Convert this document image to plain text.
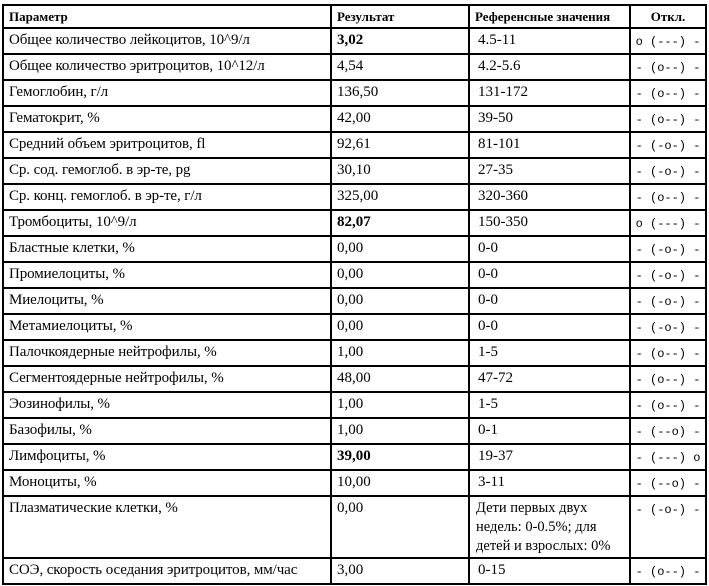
Параметр	Результат	Референсные значения	Откл.
Общее количество лейкоцитов, 10^9/л	3,02	4.5-11	o (---) -
Общее количество эритроцитов, 10^12/л	4,54	4.2-5.6	- (o--) -
Гемоглобин, г/л	136,50	131-172	- (o--) -
Гематокрит, %	42,00	39-50	- (o--) -
Средний объем эритроцитов, fl	92,61	81-101	- (-o-) -
Ср. сод. гемоглоб. в эр-те, pg	30,10	27-35	- (-o-) -
Ср. конц. гемоглоб. в эр-те, г/л	325,00	320-360	- (o--) -
Тромбоциты, 10^9/л	82,07	150-350	o (---) -
Бластные клетки, %	0,00	0-0	- (-o-) -
Промиелоциты, %	0,00	0-0	- (-o-) -
Миелоциты, %	0,00	0-0	- (-o-) -
Метамиелоциты, %	0,00	0-0	- (-o-) -
Палочкоядерные нейтрофилы, %	1,00	1-5	- (o--) -
Сегментоядерные нейтрофилы, %	48,00	47-72	- (o--) -
Эозинофилы, %	1,00	1-5	- (o--) -
Базофилы, %	1,00	0-1	- (--o) -
Лимфоциты, %	39,00	19-37	- (---) o
Моноциты, %	10,00	3-11	- (--o) -
Плазматические клетки, %	0,00	Дети первых двух недель: 0-0.5%; для детей и взрослых: 0%	- (-o-) -
СОЭ, скорость оседания эритроцитов, мм/час	3,00	0-15	- (o--) -
